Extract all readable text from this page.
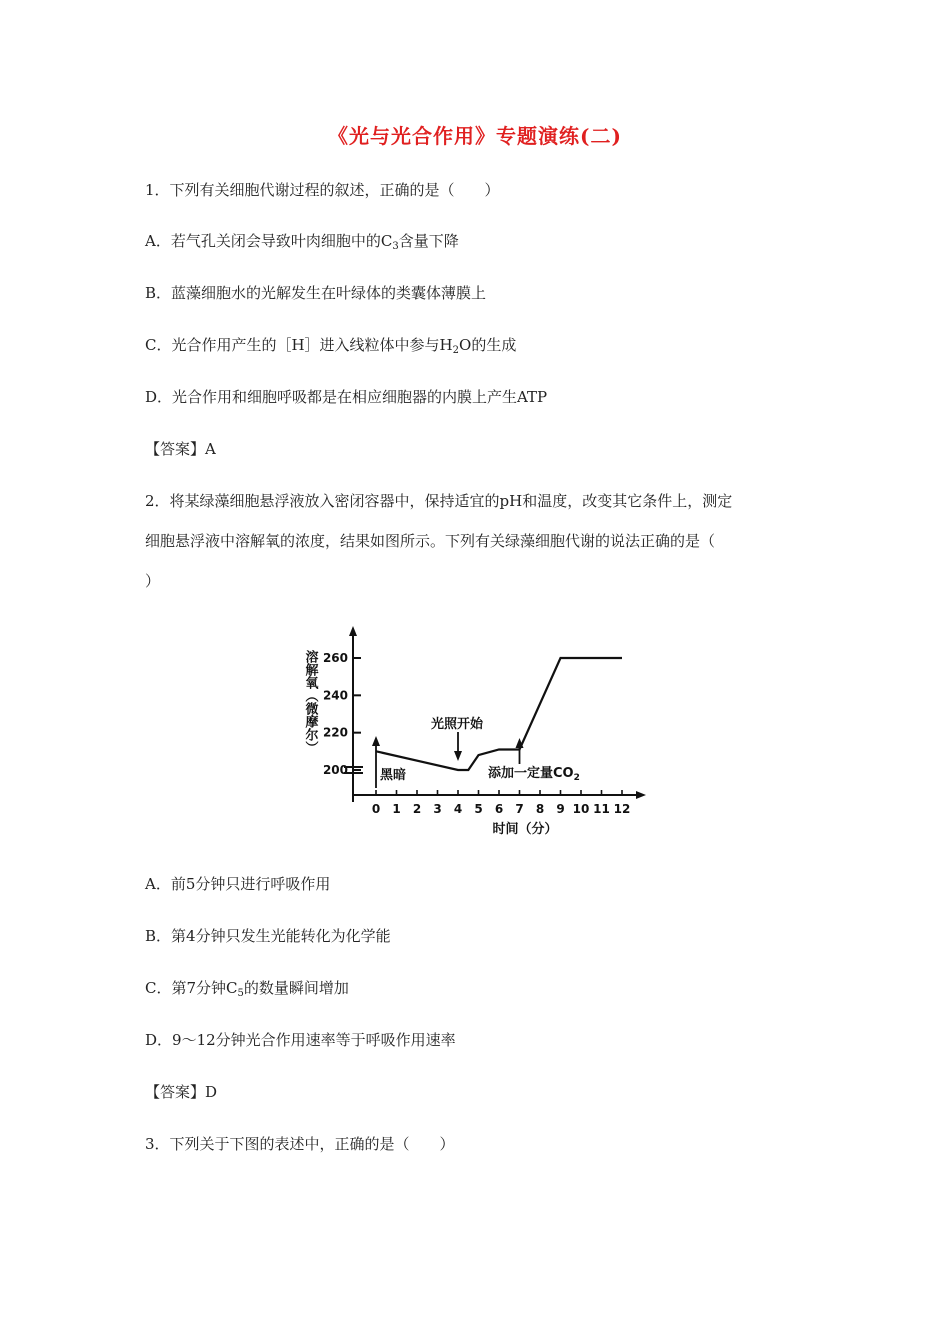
《光与光合作用》专题演练(二)
1．下列有关细胞代谢过程的叙述，正确的是（　　）
A．若气孔关闭会导致叶肉细胞中的$C_3$含量下降
B．蓝藻细胞水的光解发生在叶绿体的类囊体薄膜上
C．光合作用产生的［H］进入线粒体中参与$H_2O$的生成
D．光合作用和细胞呼吸都是在相应细胞器的内膜上产生ATP
【答案】A
2．将某绿藻细胞悬浮液放入密闭容器中，保持适宜的pH和温度，改变其它条件上，测定
细胞悬浮液中溶解氧的浓度，结果如图所示。下列有关绿藻细胞代谢的说法正确的是（
）
200
220
240
260
0 1 2 3 4 5 6 7 8 9 10 11 12
时间（分）
溶解氧（微摩尔）
黑暗
光照开始
添加一定量$CO_2$
A．前5分钟只进行呼吸作用
B．第4分钟只发生光能转化为化学能
C．第7分钟$C_5$的数量瞬间增加
D．9～12分钟光合作用速率等于呼吸作用速率
【答案】D
3．下列关于下图的表述中，正确的是（　　）
